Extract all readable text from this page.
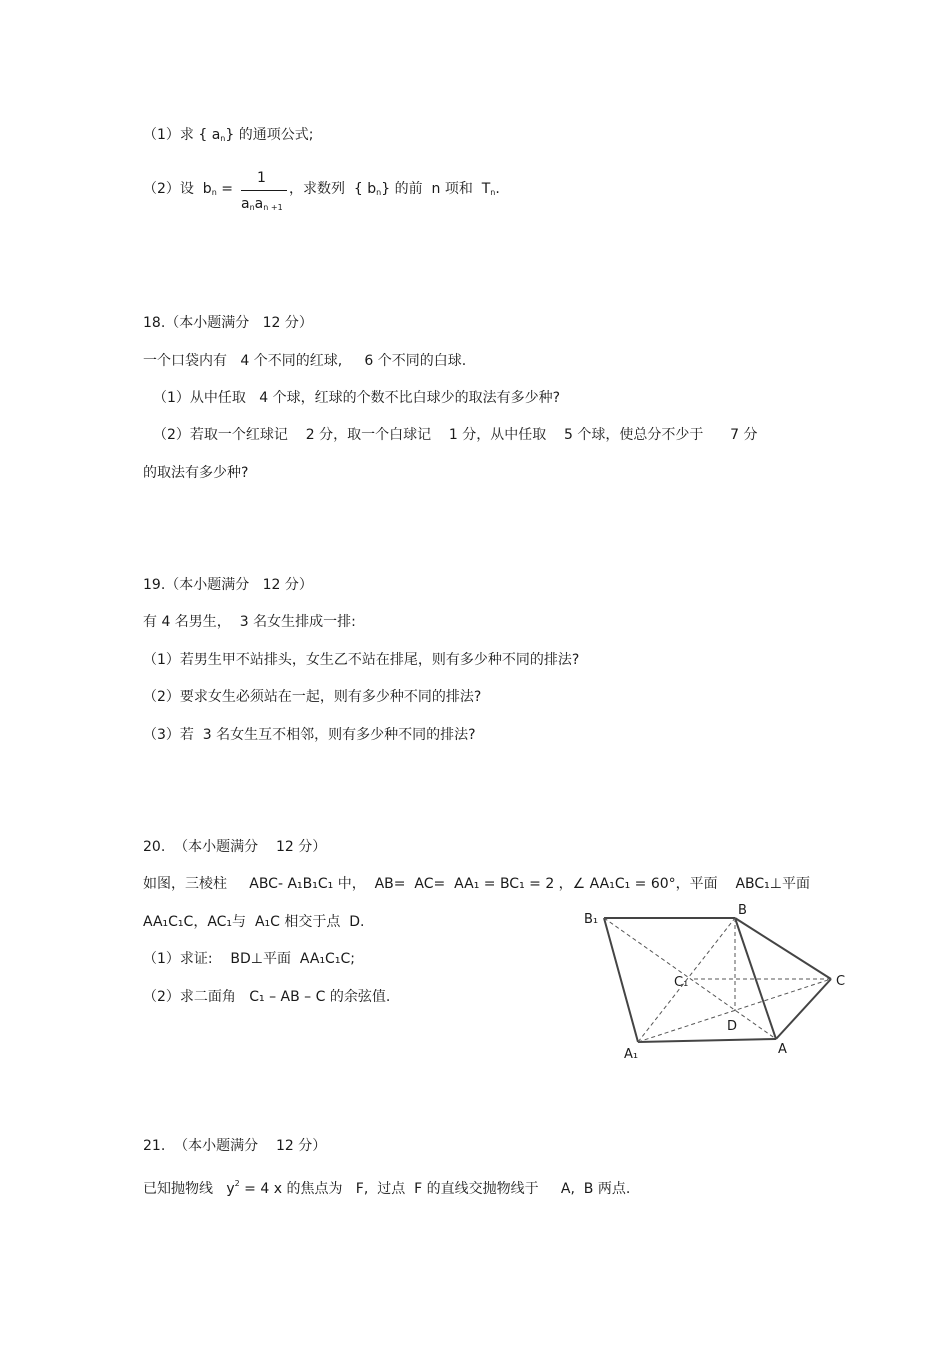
（1）求 { $a_n$} 的通项公式;
（2）设  $b_n$ =
1
$a_na_{n +1}$
，求数列  { $b_n$} 的前  n 项和  $T_n$.
18.（本小题满分   12 分）
一个口袋内有   4 个不同的红球,     6 个不同的白球.
（1）从中任取   4 个球，红球的个数不比白球少的取法有多少种?
（2）若取一个红球记    2 分，取一个白球记    1 分，从中任取    5 个球，使总分不少于      7 分
的取法有多少种?
19.（本小题满分   12 分）
有 4 名男生，  3 名女生排成一排:
（1）若男生甲不站排头，女生乙不站在排尾，则有多少种不同的排法?
（2）要求女生必须站在一起，则有多少种不同的排法?
（3）若  3 名女生互不相邻，则有多少种不同的排法?
20.  （本小题满分    12 分）
如图，三棱柱     ABC- A₁B₁C₁ 中，  AB=  AC=  AA₁ = BC₁ = 2 ，∠ AA₁C₁ = 60°，平面    ABC₁⊥平面
AA₁C₁C，AC₁与  A₁C 相交于点  D.
（1）求证:    BD⊥平面  AA₁C₁C;
（2）求二面角   C₁ – AB – C 的余弦值.
B₁
B
C₁	C
D
A₁	A
21.  （本小题满分    12 分）
已知抛物线   $y^2 = 4$ x 的焦点为   F,  过点  F 的直线交抛物线于     A,  B 两点.
